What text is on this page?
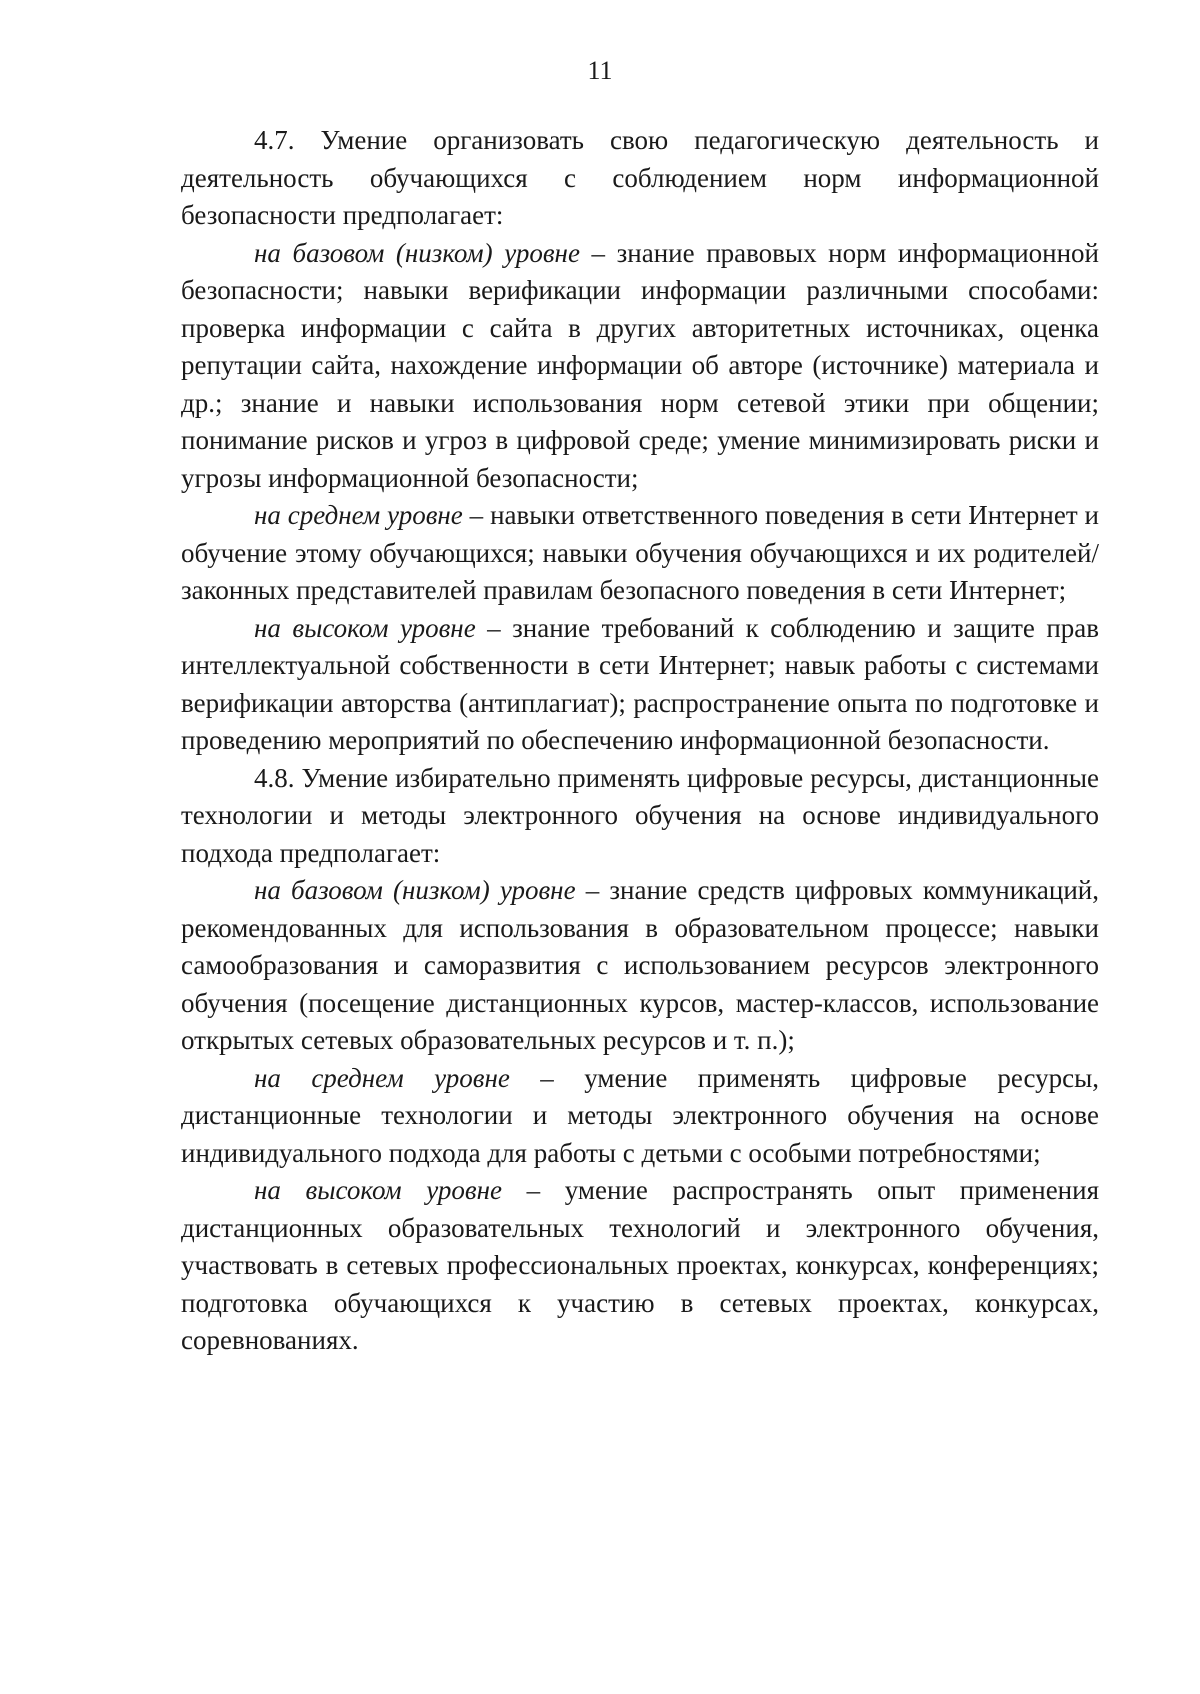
11

4.7. Умение организовать свою педагогическую деятельность и деятельность обучающихся с соблюдением норм информационной безопасности предполагает:

на базовом (низком) уровне – знание правовых норм информационной безопасности; навыки верификации информации различными способами: проверка информации с сайта в других авторитетных источниках, оценка репутации сайта, нахождение информации об авторе (источнике) материала и др.; знание и навыки использования норм сетевой этики при общении; понимание рисков и угроз в цифровой среде; умение минимизировать риски и угрозы информационной безопасности;

на среднем уровне – навыки ответственного поведения в сети Интернет и обучение этому обучающихся; навыки обучения обучающихся и их родителей/законных представителей правилам безопасного поведения в сети Интернет;

на высоком уровне – знание требований к соблюдению и защите прав интеллектуальной собственности в сети Интернет; навык работы с системами верификации авторства (антиплагиат); распространение опыта по подготовке и проведению мероприятий по обеспечению информационной безопасности.

4.8. Умение избирательно применять цифровые ресурсы, дистанционные технологии и методы электронного обучения на основе индивидуального подхода предполагает:

на базовом (низком) уровне – знание средств цифровых коммуникаций, рекомендованных для использования в образовательном процессе; навыки самообразования и саморазвития с использованием ресурсов электронного обучения (посещение дистанционных курсов, мастер-классов, использование открытых сетевых образовательных ресурсов и т. п.);

на среднем уровне – умение применять цифровые ресурсы, дистанционные технологии и методы электронного обучения на основе индивидуального подхода для работы с детьми с особыми потребностями;

на высоком уровне – умение распространять опыт применения дистанционных образовательных технологий и электронного обучения, участвовать в сетевых профессиональных проектах, конкурсах, конференциях; подготовка обучающихся к участию в сетевых проектах, конкурсах, соревнованиях.
